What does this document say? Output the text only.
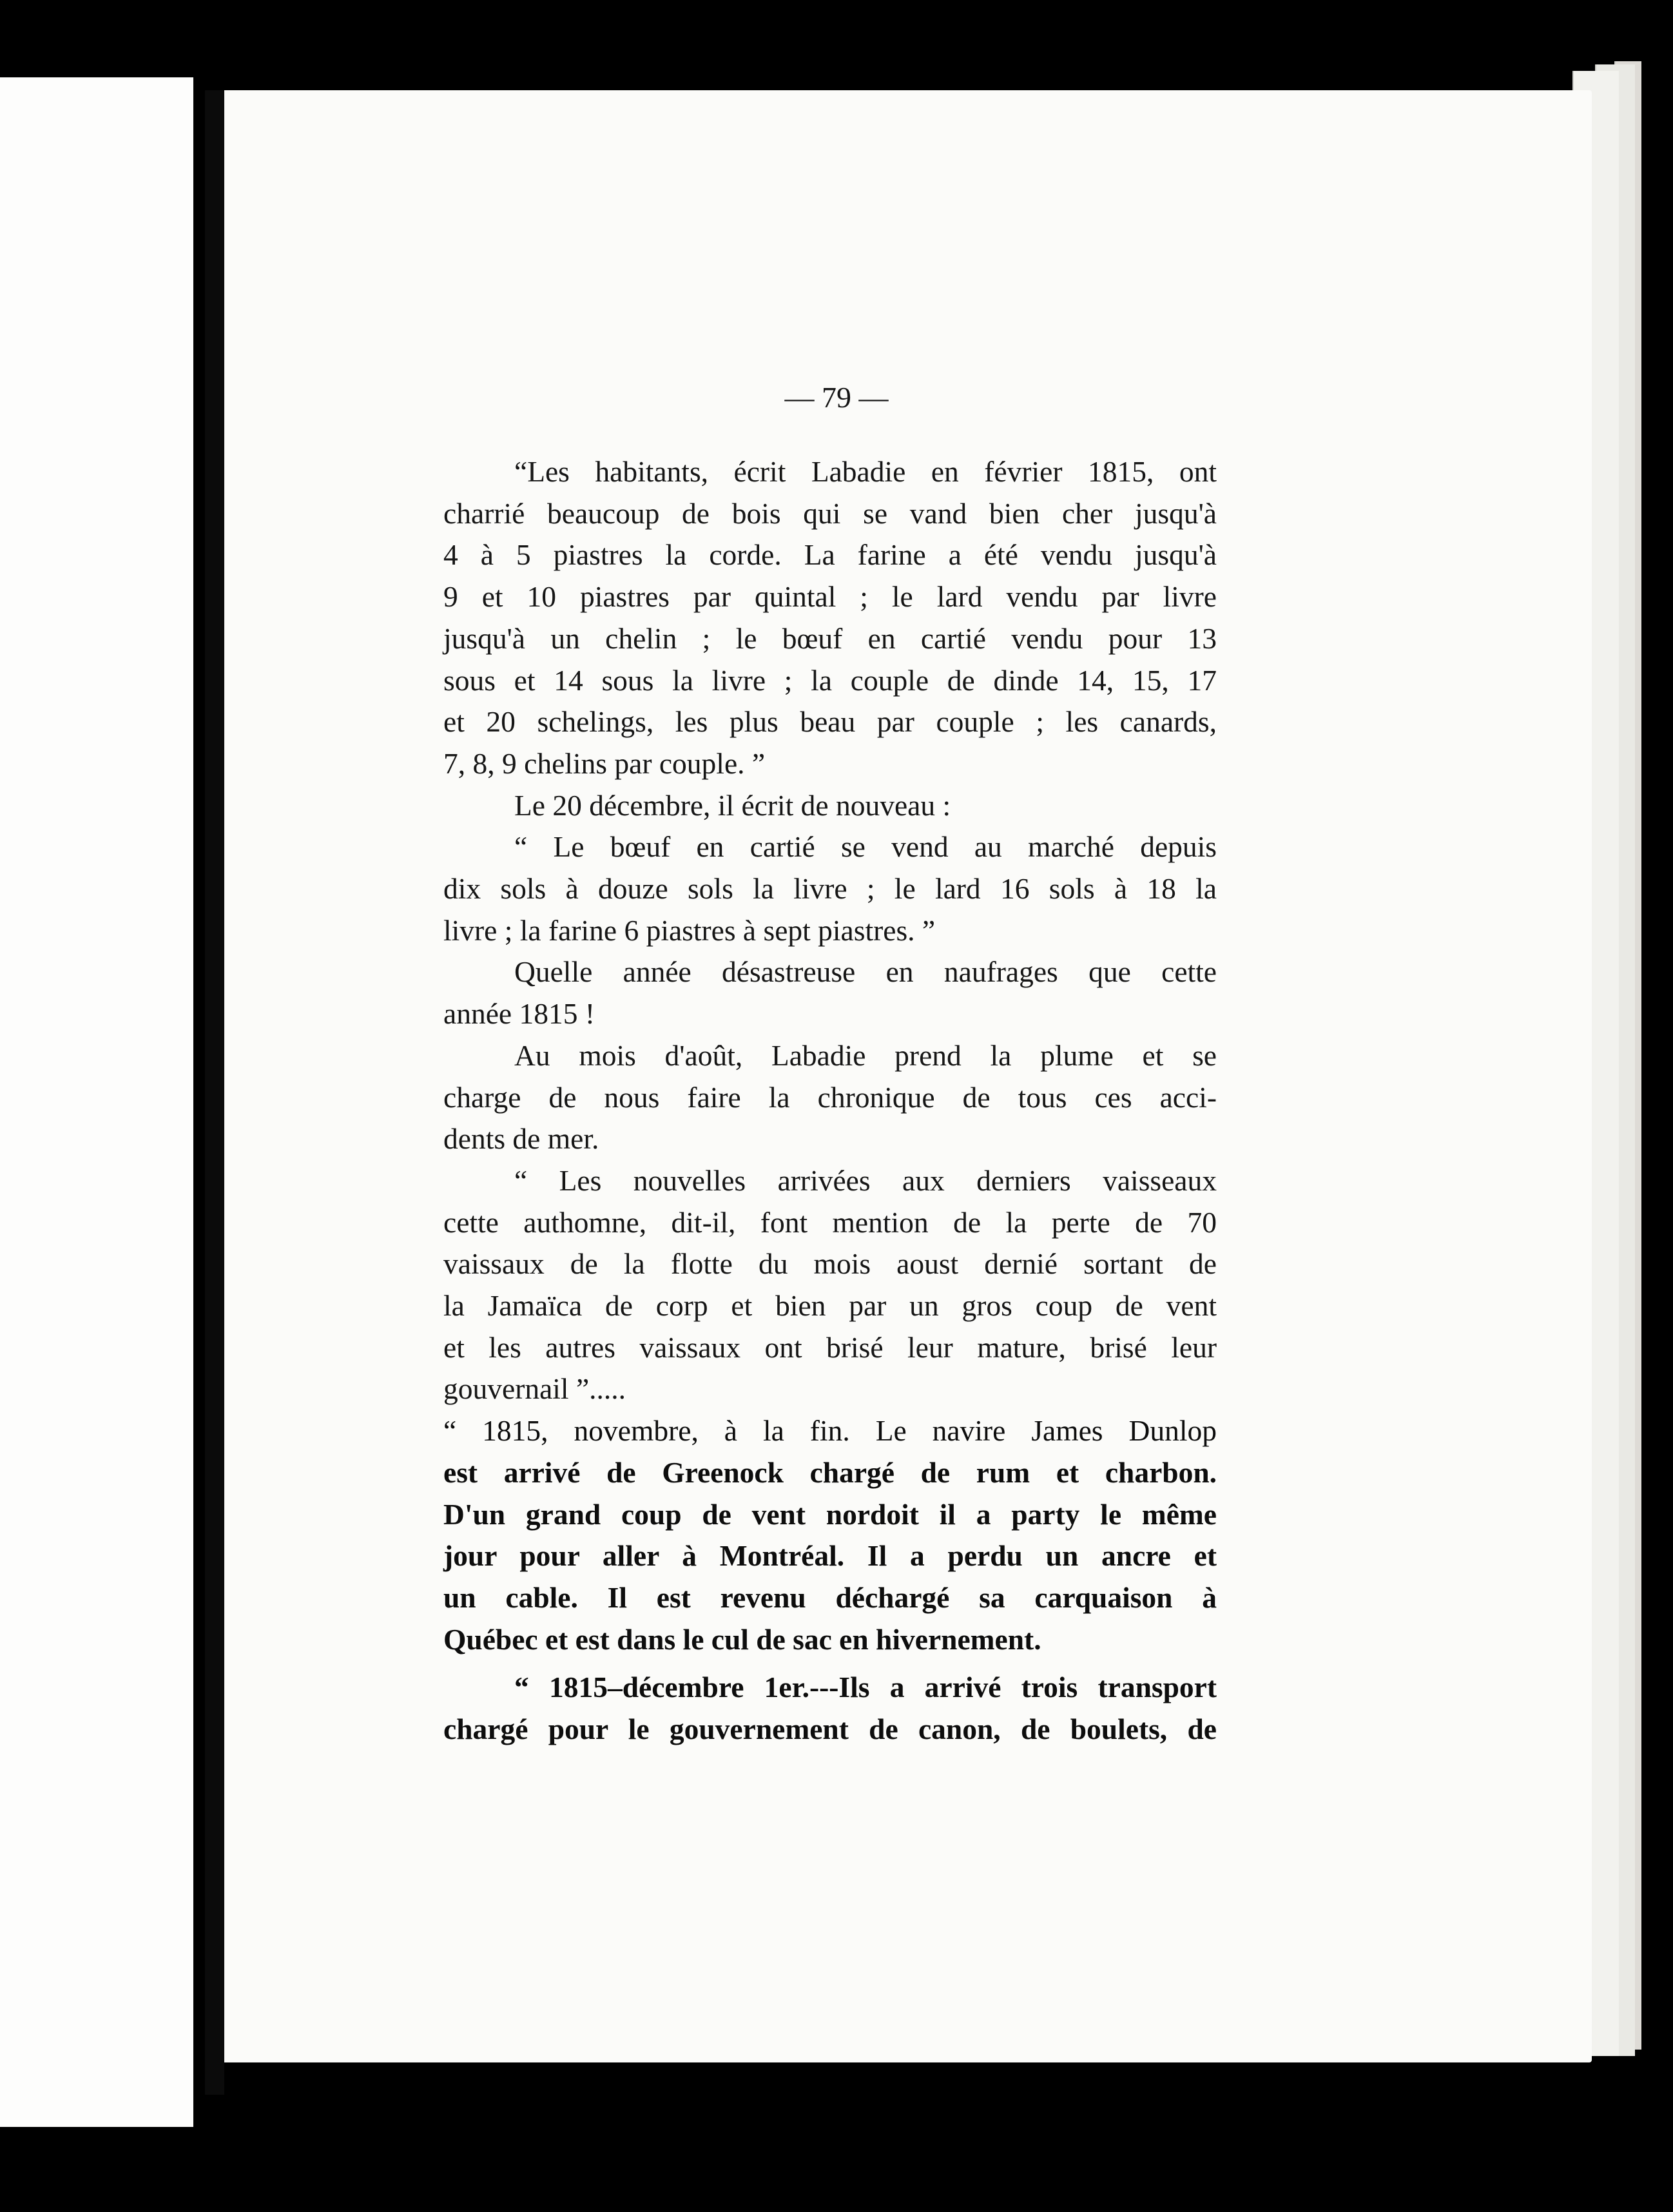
— 79 —

“Les habitants, écrit Labadie en février 1815, ont
charrié beaucoup de bois qui se vand bien cher jusqu'à
4 à 5 piastres la corde. La farine a été vendu jusqu'à
9 et 10 piastres par quintal ; le lard vendu par livre
jusqu'à un chelin ; le bœuf en cartié vendu pour 13
sous et 14 sous la livre ; la couple de dinde 14, 15, 17
et 20 schelings, les plus beau par couple ; les canards,
7, 8, 9 chelins par couple. ”
Le 20 décembre, il écrit de nouveau :
“ Le bœuf en cartié se vend au marché depuis
dix sols à douze sols la livre ; le lard 16 sols à 18 la
livre ; la farine 6 piastres à sept piastres. ”
Quelle année désastreuse en naufrages que cette
année 1815 !
Au mois d'août, Labadie prend la plume et se
charge de nous faire la chronique de tous ces acci-
dents de mer.
“ Les nouvelles arrivées aux derniers vaisseaux
cette authomne, dit-il, font mention de la perte de 70
vaissaux de la flotte du mois aoust dernié sortant de
la Jamaïca de corp et bien par un gros coup de vent
et les autres vaissaux ont brisé leur mature, brisé leur
gouvernail ”.....
“ 1815, novembre, à la fin. Le navire James Dunlop
est arrivé de Greenock chargé de rum et charbon.
D'un grand coup de vent nordoit il a party le même
jour pour aller à Montréal. Il a perdu un ancre et
un cable. Il est revenu déchargé sa carquaison à
Québec et est dans le cul de sac en hivernement.
“ 1815–décembre 1er.---Ils a arrivé trois transport
chargé pour le gouvernement de canon, de boulets, de
